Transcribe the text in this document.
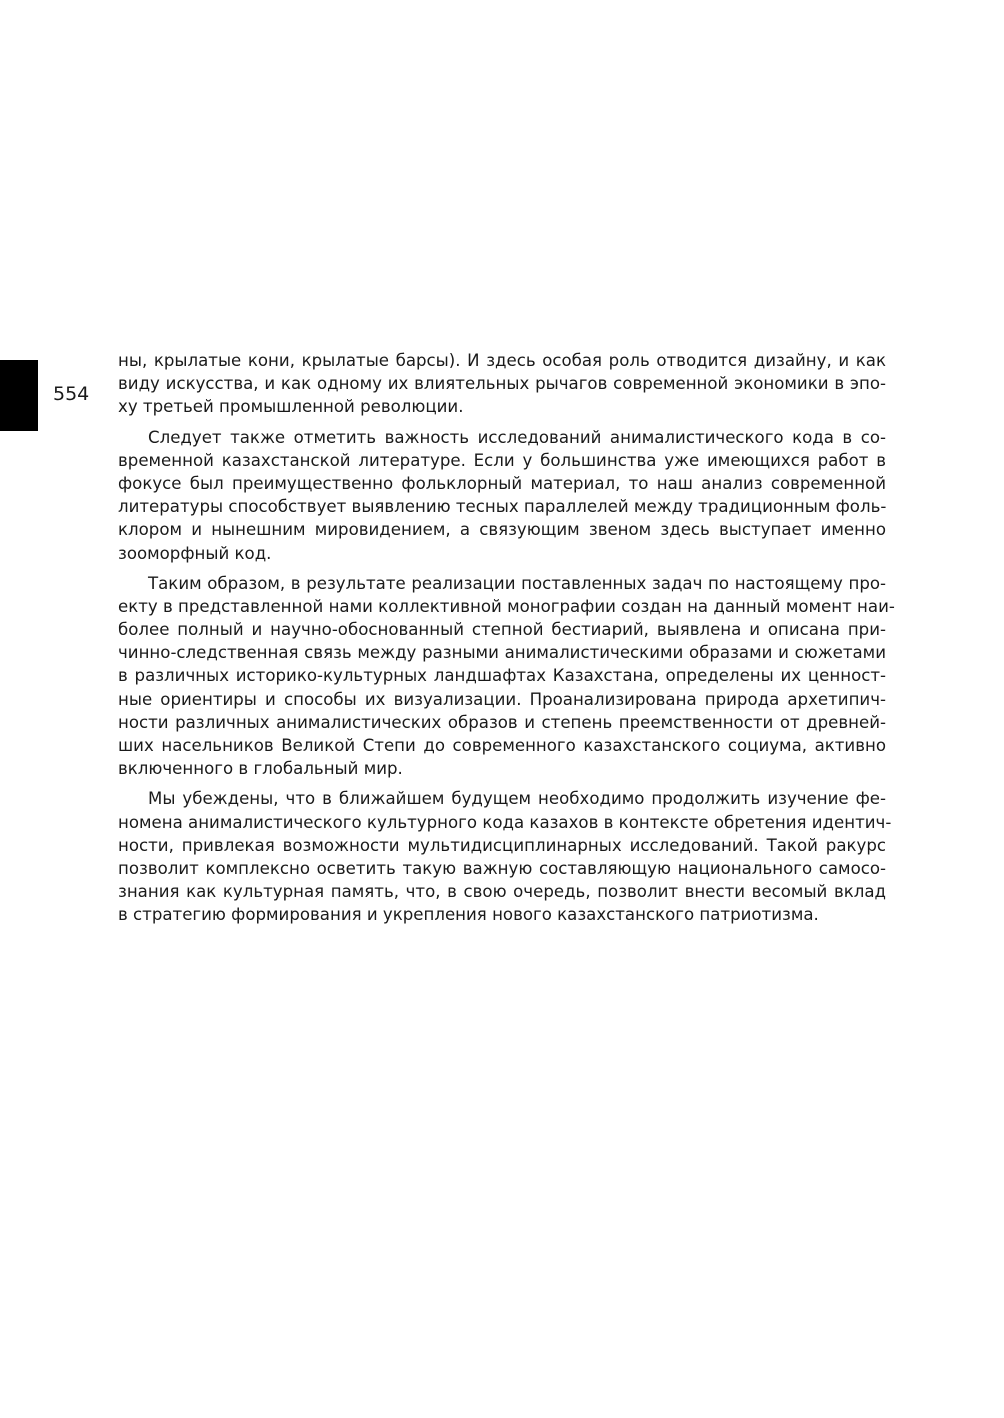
554
ны, крылатые кони, крылатые барсы). И здесь особая роль отводится дизайну, и как
виду искусства, и как одному их влиятельных рычагов современной экономики в эпо-
ху третьей промышленной революции.
Следует также отметить важность исследований анималистического кода в со-
временной казахстанской литературе. Если у большинства уже имеющихся работ в
фокусе был преимущественно фольклорный материал, то наш анализ современной
литературы способствует выявлению тесных параллелей между традиционным фоль-
клором и нынешним мировидением, а связующим звеном здесь выступает именно
зооморфный код.
Таким образом, в результате реализации поставленных задач по настоящему про-
екту в представленной нами коллективной монографии создан на данный момент наи-
более полный и научно-обоснованный степной бестиарий, выявлена и описана при-
чинно-следственная связь между разными анималистическими образами и сюжетами
в различных историко-культурных ландшафтах Казахстана, определены их ценност-
ные ориентиры и способы их визуализации. Проанализирована природа архетипич-
ности различных анималистических образов и степень преемственности от древней-
ших насельников Великой Степи до современного казахстанского социума, активно
включенного в глобальный мир.
Мы убеждены, что в ближайшем будущем необходимо продолжить изучение фе-
номена анималистического культурного кода казахов в контексте обретения идентич-
ности, привлекая возможности мультидисциплинарных исследований. Такой ракурс
позволит комплексно осветить такую важную составляющую национального самосо-
знания как культурная память, что, в свою очередь, позволит внести весомый вклад
в стратегию формирования и укрепления нового казахстанского патриотизма.
